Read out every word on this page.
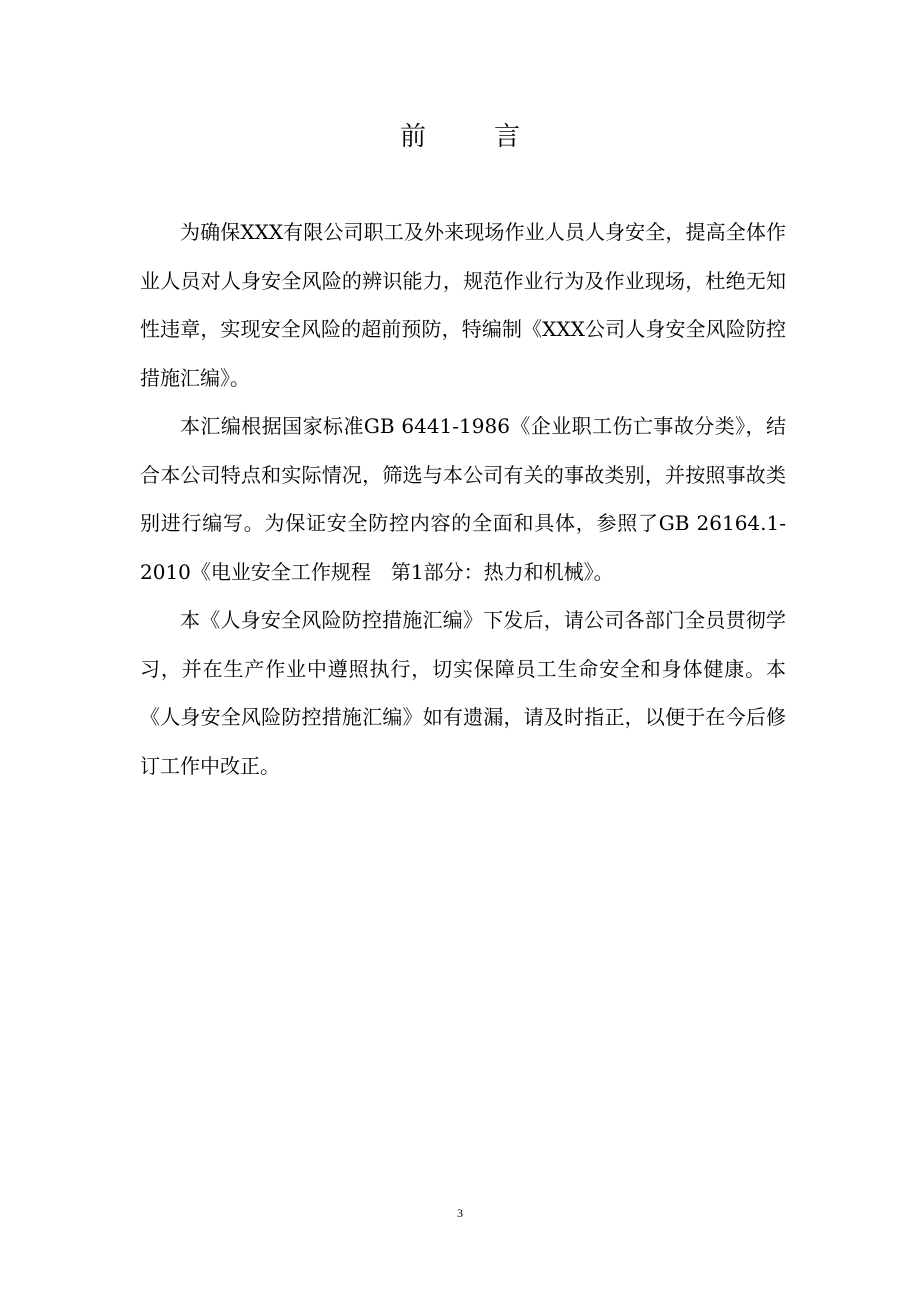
前	言

为确保XXX有限公司职工及外来现场作业人员人身安全，提高全体作业人员对人身安全风险的辨识能力，规范作业行为及作业现场，杜绝无知性违章，实现安全风险的超前预防，特编制《XXX公司人身安全风险防控措施汇编》。

本汇编根据国家标准GB 6441-1986《企业职工伤亡事故分类》，结合本公司特点和实际情况，筛选与本公司有关的事故类别，并按照事故类别进行编写。为保证安全防控内容的全面和具体，参照了GB 26164.1-2010《电业安全工作规程　第1部分：热力和机械》。

本《人身安全风险防控措施汇编》下发后，请公司各部门全员贯彻学习，并在生产作业中遵照执行，切实保障员工生命安全和身体健康。本《人身安全风险防控措施汇编》如有遗漏，请及时指正，以便于在今后修订工作中改正。

3
